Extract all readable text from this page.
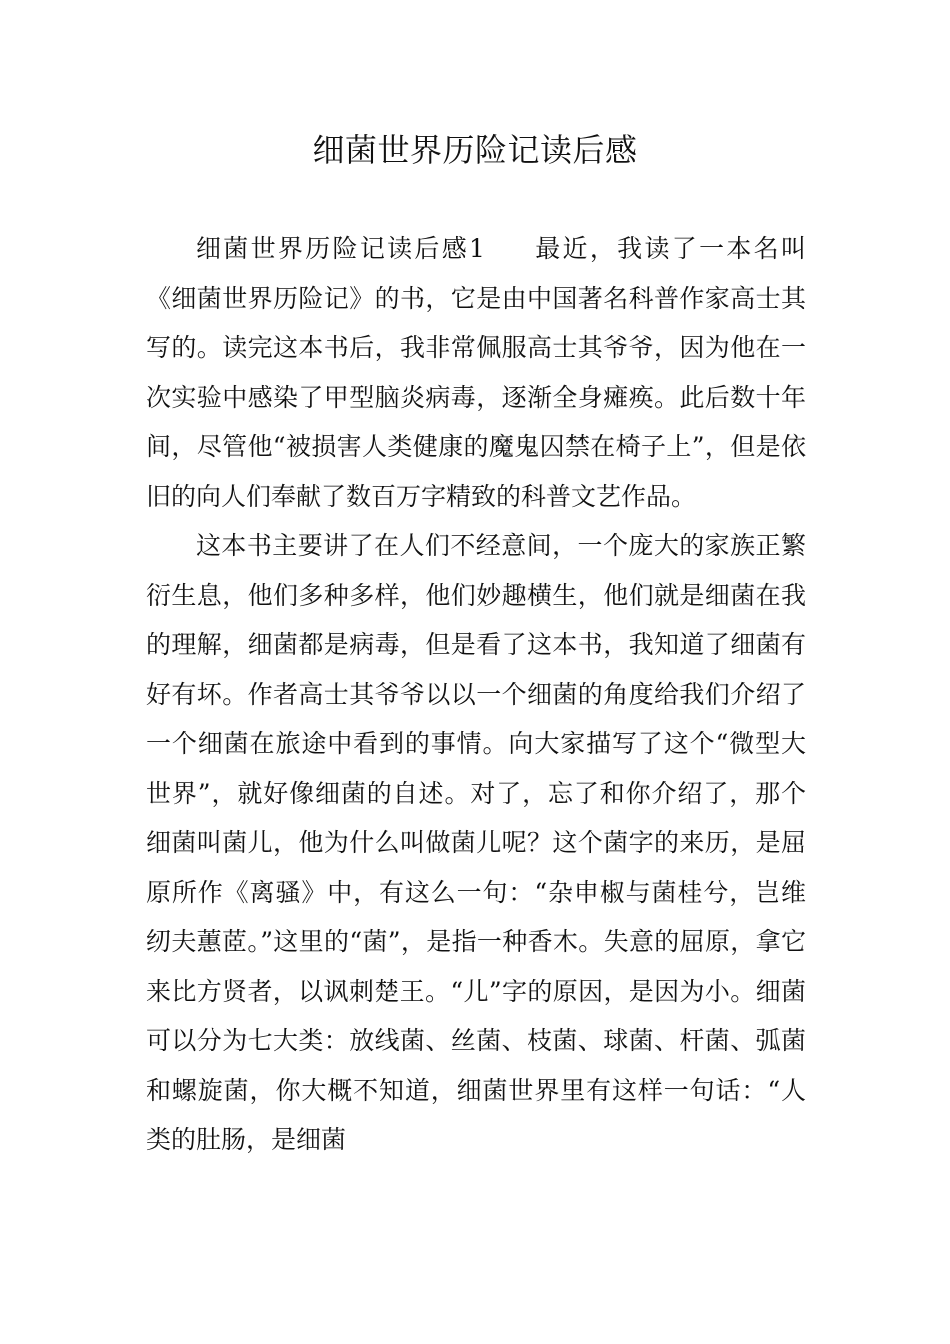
细菌世界历险记读后感

细菌世界历险记读后感1 最近，我读了一本名叫《细菌世界历险记》的书，它是由中国著名科普作家高士其写的。读完这本书后，我非常佩服高士其爷爷，因为他在一次实验中感染了甲型脑炎病毒，逐渐全身瘫痪。此后数十年间，尽管他“被损害人类健康的魔鬼囚禁在椅子上”，但是依旧的向人们奉献了数百万字精致的科普文艺作品。

这本书主要讲了在人们不经意间，一个庞大的家族正繁衍生息，他们多种多样，他们妙趣横生，他们就是细菌在我的理解，细菌都是病毒，但是看了这本书，我知道了细菌有好有坏。作者高士其爷爷以以一个细菌的角度给我们介绍了一个细菌在旅途中看到的事情。向大家描写了这个“微型大世界”，就好像细菌的自述。对了，忘了和你介绍了，那个细菌叫菌儿，他为什么叫做菌儿呢？这个菌字的来历，是屈原所作《离骚》中，有这么一句：“杂申椒与菌桂兮，岂维纫夫蕙茝。”这里的“菌”，是指一种香木。失意的屈原，拿它来比方贤者，以讽刺楚王。“儿”字的原因，是因为小。细菌可以分为七大类：放线菌、丝菌、枝菌、球菌、杆菌、弧菌和螺旋菌，你大概不知道，细菌世界里有这样一句话：“人类的肚肠，是细菌
